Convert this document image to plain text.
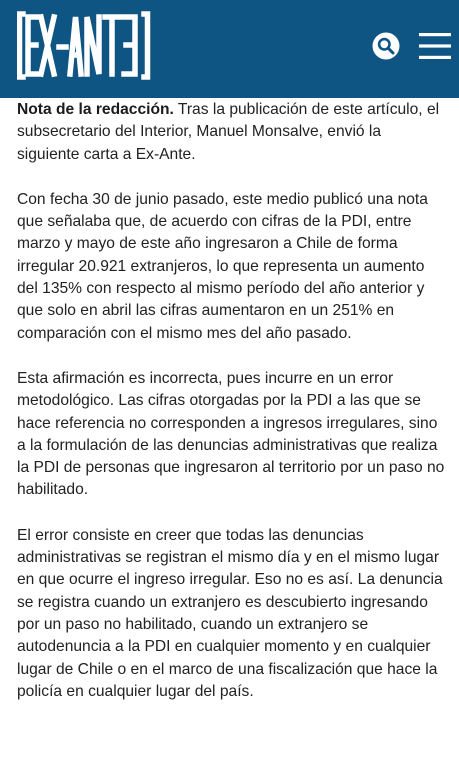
[EX-ANTE]

Nota de la redacción. Tras la publicación de este artículo, el subsecretario del Interior, Manuel Monsalve, envió la siguiente carta a Ex-Ante.

Con fecha 30 de junio pasado, este medio publicó una nota que señalaba que, de acuerdo con cifras de la PDI, entre marzo y mayo de este año ingresaron a Chile de forma irregular 20.921 extranjeros, lo que representa un aumento del 135% con respecto al mismo período del año anterior y que solo en abril las cifras aumentaron en un 251% en comparación con el mismo mes del año pasado.

Esta afirmación es incorrecta, pues incurre en un error metodológico. Las cifras otorgadas por la PDI a las que se hace referencia no corresponden a ingresos irregulares, sino a la formulación de las denuncias administrativas que realiza la PDI de personas que ingresaron al territorio por un paso no habilitado.

El error consiste en creer que todas las denuncias administrativas se registran el mismo día y en el mismo lugar en que ocurre el ingreso irregular. Eso no es así. La denuncia se registra cuando un extranjero es descubierto ingresando por un paso no habilitado, cuando un extranjero se autodenuncia a la PDI en cualquier momento y en cualquier lugar de Chile o en el marco de una fiscalización que hace la policía en cualquier lugar del país.
